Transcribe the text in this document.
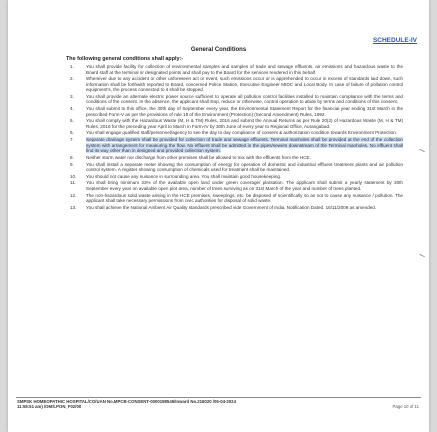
SCHEDULE-IV
General Conditions
The following general conditions shall apply:-
1.	You shall provide facility for collection of environmental samples and samples of trade and sewage effluents, air emissions and hazardous waste to the Board staff at the terminal or designated points and shall pay to the Board for the services rendered in this behalf.
2.	Whenever due to any accident or other unforeseen act or event, such emissions occur or is apprehended to occur in excess of standards laid down, such information shall be forthwith reported to Board, concerned Police Station, Executive Engineer MIDC and Local Body. In case of failure of pollution control equipment's, the process connected to it shall be stopped.
3.	You shall provide an alternate electric power source sufficient to operate all pollution control facilities installed to maintain compliance with the terms and conditions of the consent. In the absence, the applicant shall stop, reduce or otherwise, control operation to abide by terms and conditions of this consent.
4.	You shall submit to this office, the 30th day of September every year, the Environmental Statement Report for the financial year ending 31st March in the prescribed Form-V as per the provisions of rule 15 of the Environment (Protection) (Second Amendment) Rules, 1992.
5.	You shall comply with the Hazardous Waste (M, H & TM) Rules, 2016 and submit the Annual Returns as per Rule 20(2) of Hazardous Waste (M, H & TM) Rules, 2016 for the preceding year April to March in Form-IV by 30th June of every year to Regional Office, Aurangabad.
6.	You shall engage qualified staff/personnel/agency to see the day to day compliance of consent & authorization condition towards Environment Protection.
7.	Separate drainage system shall be provided for collection of trade and sewage effluents. Terminal manholes shall be provided at the end of the collection system with arrangement for measuring the flow. No effluent shall be admitted in the pipes/sewers downstream of the Terminal manholes. No effluent shall find its way other than in designed and provided collection system.
8.	Neither storm water nor discharge from other premises shall be allowed to mix with the effluents from the HCE.
9.	You shall install a separate meter showing the consumption of energy for operation of domestic and industrial effluent treatment plants and air pollution control system. A register showing consumption of chemicals used for treatment shall be maintained.
10. You should not cause any nuisance in surrounding area. You shall maintain good housekeeping.
11. You shall bring minimum 33% of the available open land under green coverage/ plantation. The applicant shall submit a yearly statement by 30th September every year on available open plot area, number of trees surviving as on 31st March of the year and number of trees planted.
12. The non-hazardous solid waste arising in the HCE premises, sweepings, etc. be disposed of scientifically so as not to cause any nuisance / pollution. The applicant shall take necessary permissions from civic authorities for disposal of solid waste.
13. You shall achieve the National Ambient Air Quality standards prescribed vide Government of India, Notification Dated. 16/11/2009 as amended.
SMPSK HOMEOPATHIC HOSPITAL/CO/UAN No.MPCB-CONSENT-0000198545/Inward No.216020 /05-04-2024
11:55:51 am) /OMS.PON_F02/00	Page 10 of 11
